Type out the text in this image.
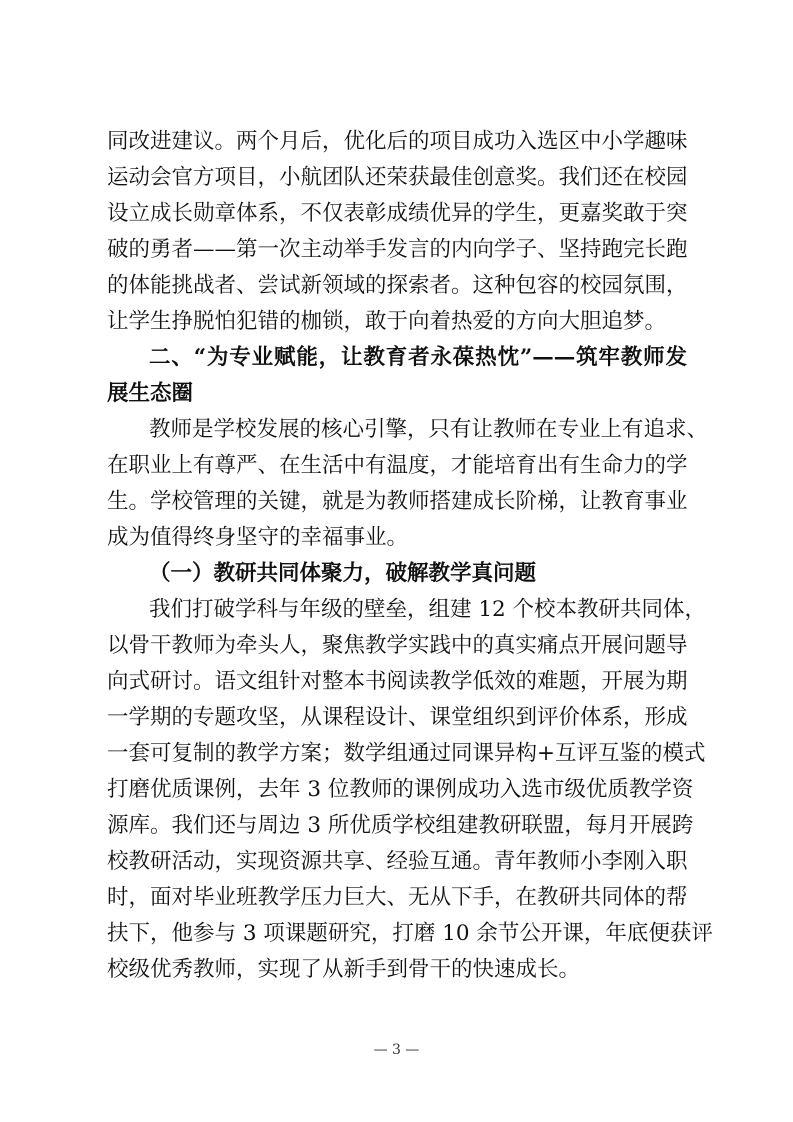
同改进建议。两个月后，优化后的项目成功入选区中小学趣味
运动会官方项目，小航团队还荣获最佳创意奖。我们还在校园
设立成长勋章体系，不仅表彰成绩优异的学生，更嘉奖敢于突
破的勇者——第一次主动举手发言的内向学子、坚持跑完长跑
的体能挑战者、尝试新领域的探索者。这种包容的校园氛围，
让学生挣脱怕犯错的枷锁，敢于向着热爱的方向大胆追梦。
二、“为专业赋能，让教育者永葆热忱”——筑牢教师发
展生态圈
教师是学校发展的核心引擎，只有让教师在专业上有追求、
在职业上有尊严、在生活中有温度，才能培育出有生命力的学
生。学校管理的关键，就是为教师搭建成长阶梯，让教育事业
成为值得终身坚守的幸福事业。
（一）教研共同体聚力，破解教学真问题
我们打破学科与年级的壁垒，组建 12 个校本教研共同体，
以骨干教师为牵头人，聚焦教学实践中的真实痛点开展问题导
向式研讨。语文组针对整本书阅读教学低效的难题，开展为期
一学期的专题攻坚，从课程设计、课堂组织到评价体系，形成
一套可复制的教学方案；数学组通过同课异构+互评互鉴的模式
打磨优质课例，去年 3 位教师的课例成功入选市级优质教学资
源库。我们还与周边 3 所优质学校组建教研联盟，每月开展跨
校教研活动，实现资源共享、经验互通。青年教师小李刚入职
时，面对毕业班教学压力巨大、无从下手，在教研共同体的帮
扶下，他参与 3 项课题研究，打磨 10 余节公开课，年底便获评
校级优秀教师，实现了从新手到骨干的快速成长。
— 3 —
